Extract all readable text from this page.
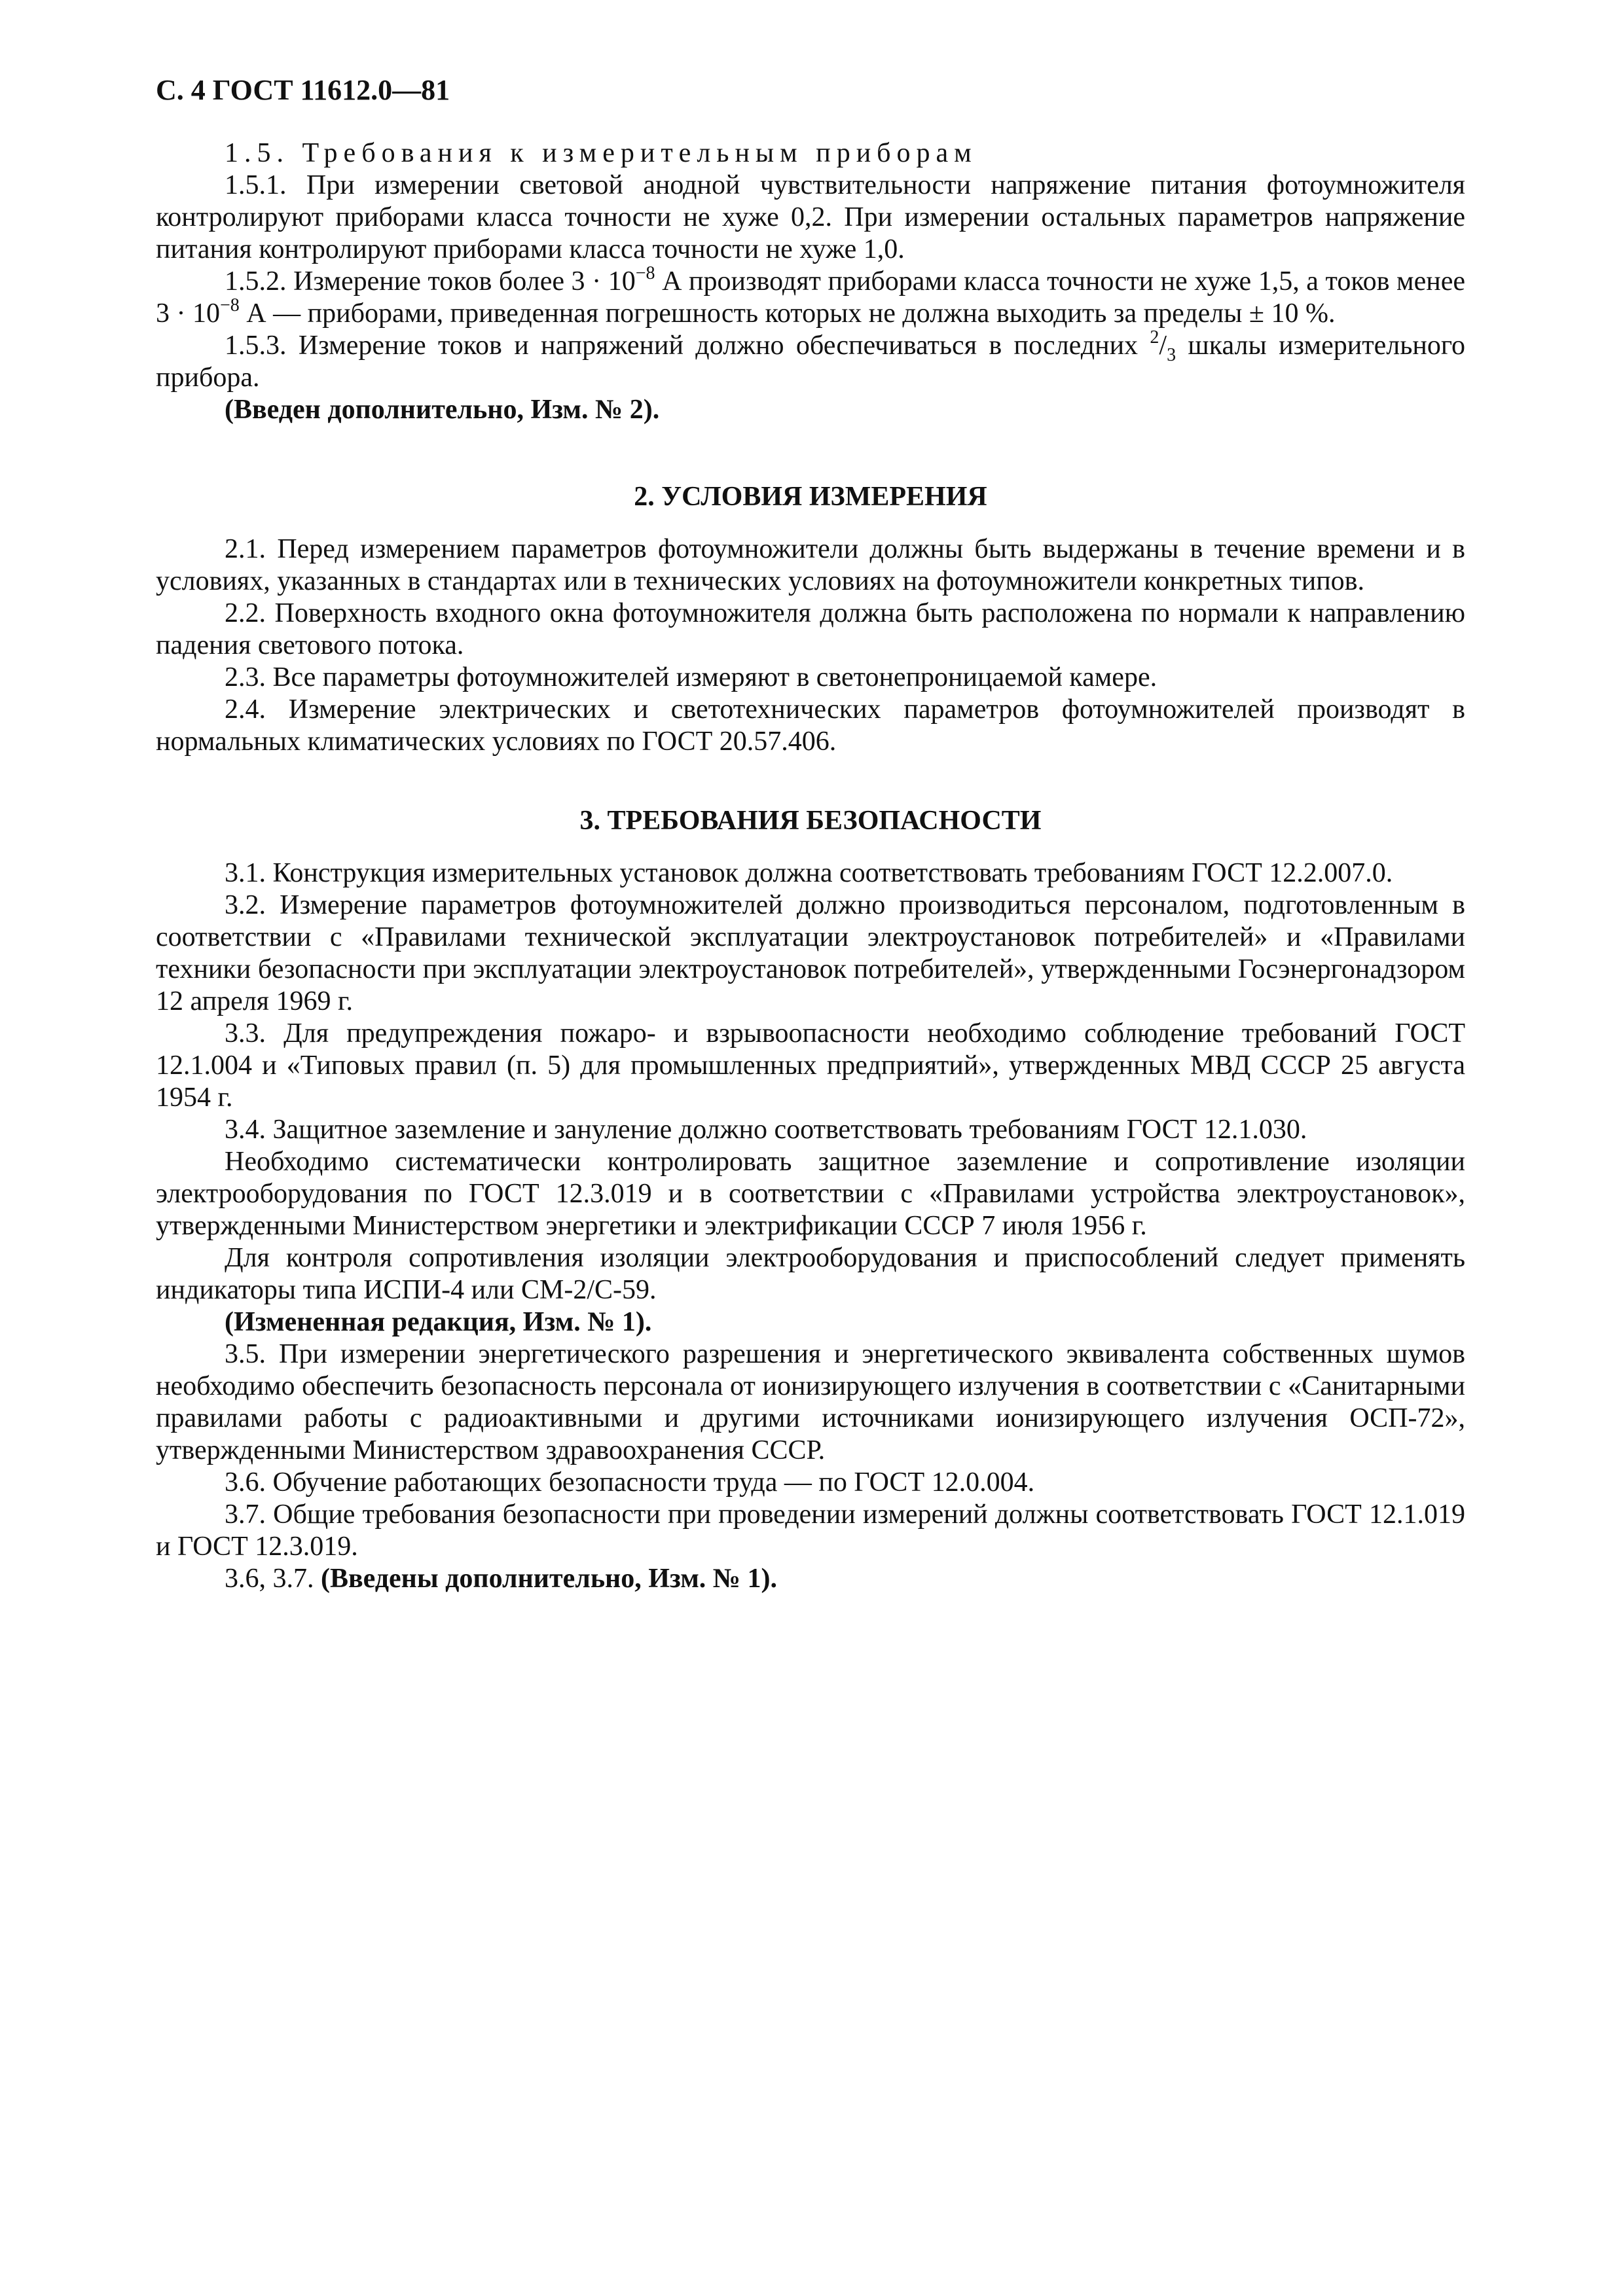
С. 4 ГОСТ 11612.0—81

1.5. Требования к измерительным приборам

1.5.1. При измерении световой анодной чувствительности напряжение питания фотоумножителя контролируют приборами класса точности не хуже 0,2. При измерении остальных параметров напряжение питания контролируют приборами класса точности не хуже 1,0.

1.5.2. Измерение токов более $3 \cdot 10^{-8}$ А производят приборами класса точности не хуже 1,5, а токов менее $3 \cdot 10^{-8}$ А — приборами, приведенная погрешность которых не должна выходить за пределы ± 10 %.

1.5.3. Измерение токов и напряжений должно обеспечиваться в последних $^2/_3$ шкалы измерительного прибора.

(Введен дополнительно, Изм. № 2).

2. УСЛОВИЯ ИЗМЕРЕНИЯ

2.1. Перед измерением параметров фотоумножители должны быть выдержаны в течение времени и в условиях, указанных в стандартах или в технических условиях на фотоумножители конкретных типов.

2.2. Поверхность входного окна фотоумножителя должна быть расположена по нормали к направлению падения светового потока.

2.3. Все параметры фотоумножителей измеряют в светонепроницаемой камере.

2.4. Измерение электрических и светотехнических параметров фотоумножителей производят в нормальных климатических условиях по ГОСТ 20.57.406.

3. ТРЕБОВАНИЯ БЕЗОПАСНОСТИ

3.1. Конструкция измерительных установок должна соответствовать требованиям ГОСТ 12.2.007.0.

3.2. Измерение параметров фотоумножителей должно производиться персоналом, подготовленным в соответствии с «Правилами технической эксплуатации электроустановок потребителей» и «Правилами техники безопасности при эксплуатации электроустановок потребителей», утвержденными Госэнергонадзором 12 апреля 1969 г.

3.3. Для предупреждения пожаро- и взрывоопасности необходимо соблюдение требований ГОСТ 12.1.004 и «Типовых правил (п. 5) для промышленных предприятий», утвержденных МВД СССР 25 августа 1954 г.

3.4. Защитное заземление и зануление должно соответствовать требованиям ГОСТ 12.1.030.

Необходимо систематически контролировать защитное заземление и сопротивление изоляции электрооборудования по ГОСТ 12.3.019 и в соответствии с «Правилами устройства электроустановок», утвержденными Министерством энергетики и электрификации СССР 7 июля 1956 г.

Для контроля сопротивления изоляции электрооборудования и приспособлений следует применять индикаторы типа ИСПИ-4 или СМ-2/С-59.

(Измененная редакция, Изм. № 1).

3.5. При измерении энергетического разрешения и энергетического эквивалента собственных шумов необходимо обеспечить безопасность персонала от ионизирующего излучения в соответствии с «Санитарными правилами работы с радиоактивными и другими источниками ионизирующего излучения ОСП-72», утвержденными Министерством здравоохранения СССР.

3.6. Обучение работающих безопасности труда — по ГОСТ 12.0.004.

3.7. Общие требования безопасности при проведении измерений должны соответствовать ГОСТ 12.1.019 и ГОСТ 12.3.019.

3.6, 3.7. (Введены дополнительно, Изм. № 1).
